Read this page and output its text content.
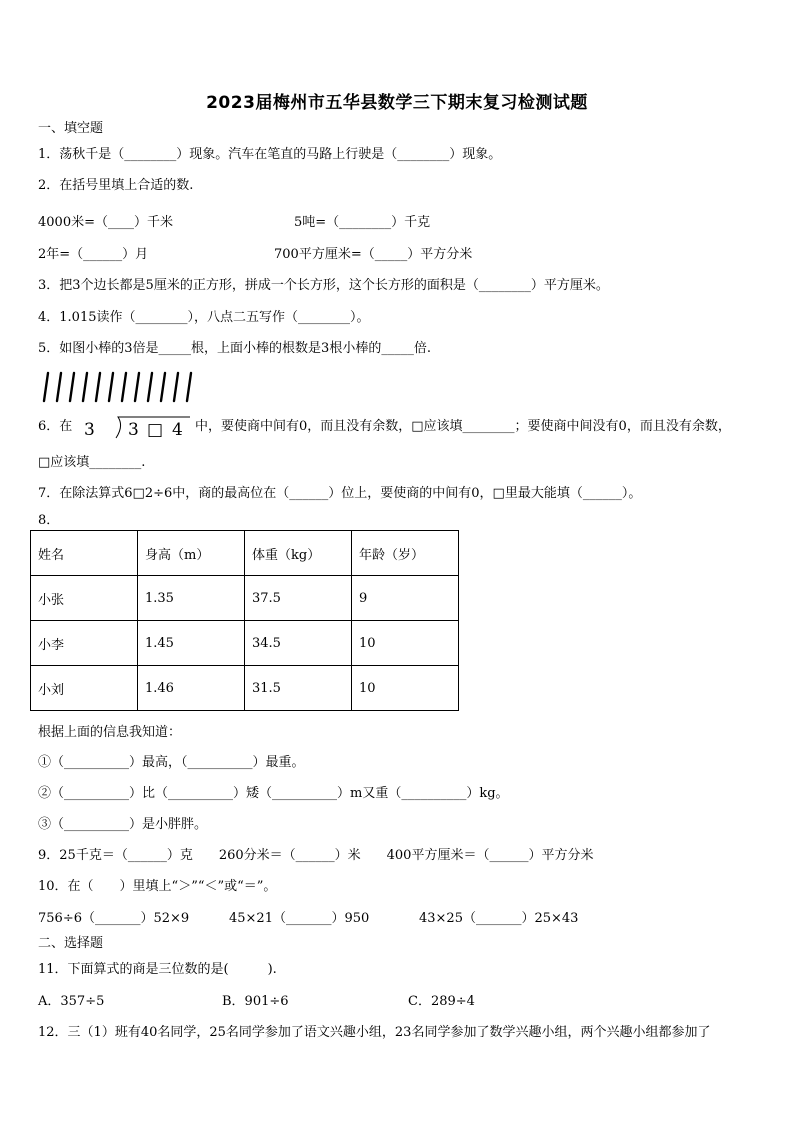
2023届梅州市五华县数学三下期末复习检测试题
一、填空题
1．荡秋千是（________）现象。汽车在笔直的马路上行驶是（________）现象。
2．在括号里填上合适的数.
4000米=（____）千米	5吨=（________）千克
2年=（______）月	700平方厘米=（_____）平方分米
3．把3个边长都是5厘米的正方形，拼成一个长方形，这个长方形的面积是（________）平方厘米。
4．1.015读作（________），八点二五写作（________）。
5．如图小棒的3倍是_____根，上面小棒的根数是3根小棒的_____倍.
6．在 3 3 □ 4 中，要使商中间有0，而且没有余数，□应该填________；要使商中间没有0，而且没有余数，
□应该填________.
7．在除法算式6□2÷6中，商的最高位在（______）位上，要使商的中间有0，□里最大能填（______）。
8．
姓名	身高（m）	体重（kg）	年龄（岁）
小张	1.35	37.5	9
小李	1.45	34.5	10
小刘	1.46	31.5	10
根据上面的信息我知道：
①（__________）最高，（__________）最重。
②（__________）比（__________）矮（__________）m又重（__________）kg。
③（__________）是小胖胖。
9．25千克＝（______）克　　260分米＝（______）米　　400平方厘米＝（______）平方分米
10．在（　　）里填上“＞”“＜”或“＝”。
756÷6（_______）52×9	45×21（_______）950	43×25（_______）25×43
二、选择题
11．下面算式的商是三位数的是(　　　).
A．357÷5	B．901÷6	C．289÷4
12．三（1）班有40名同学，25名同学参加了语文兴趣小组，23名同学参加了数学兴趣小组，两个兴趣小组都参加了
